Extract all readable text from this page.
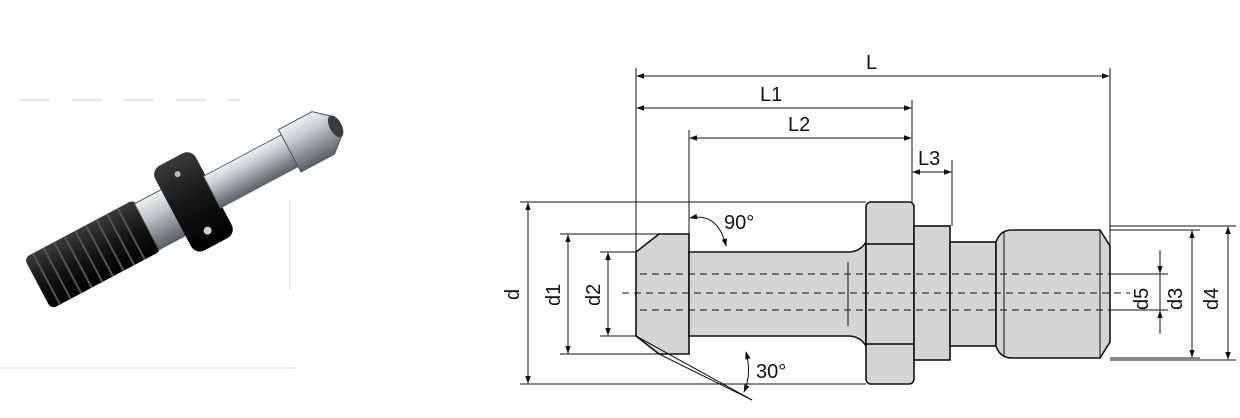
L
L1
L2
L3
d d1 d2	d5 d3 d4
90°
30°
